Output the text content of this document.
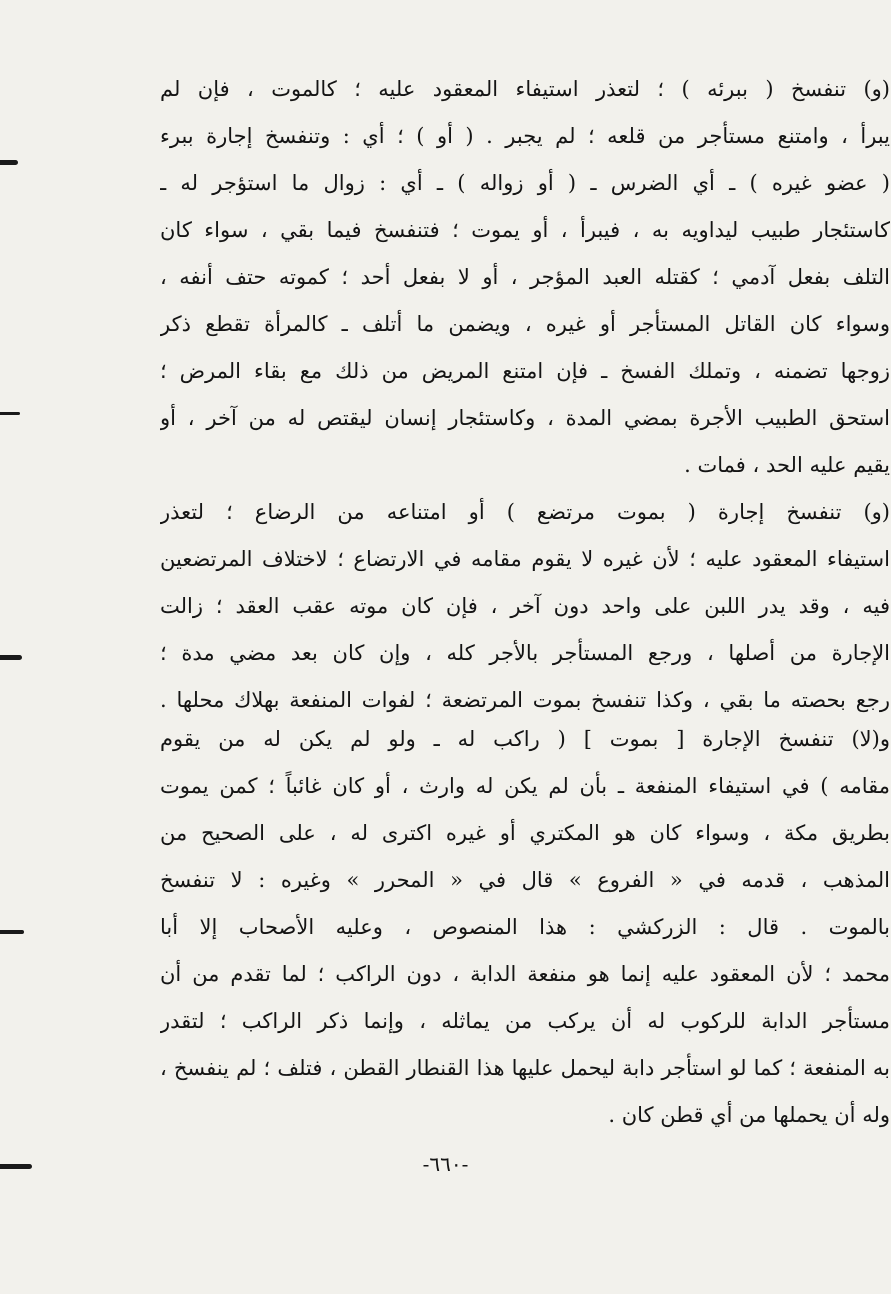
(و) تنفسخ ( ببرئه ) ؛ لتعذر استيفاء المعقود عليه ؛ كالموت ، فإن لم
يبرأ ، وامتنع مستأجر من قلعه ؛ لم يجبر . ( أو ) ؛ أي : وتنفسخ إجارة ببرء
( عضو غيره ) ـ أي الضرس ـ ( أو زواله ) ـ أي : زوال ما استؤجر له ـ
كاستئجار طبيب ليداويه به ، فيبرأ ، أو يموت ؛ فتنفسخ فيما بقي ، سواء كان
التلف بفعل آدمي ؛ كقتله العبد المؤجر ، أو لا بفعل أحد ؛ كموته حتف أنفه ،
وسواء كان القاتل المستأجر أو غيره ، ويضمن ما أتلف ـ كالمرأة تقطع ذكر
زوجها تضمنه ، وتملك الفسخ ـ فإن امتنع المريض من ذلك مع بقاء المرض ؛
استحق الطبيب الأجرة بمضي المدة ، وكاستئجار إنسان ليقتص له من آخر ، أو
يقيم عليه الحد ، فمات .
(و) تنفسخ إجارة ( بموت مرتضع ) أو امتناعه من الرضاع ؛ لتعذر
استيفاء المعقود عليه ؛ لأن غيره لا يقوم مقامه في الارتضاع ؛ لاختلاف المرتضعين
فيه ، وقد يدر اللبن على واحد دون آخر ، فإن كان موته عقب العقد ؛ زالت
الإجارة من أصلها ، ورجع المستأجر بالأجر كله ، وإن كان بعد مضي مدة ؛
رجع بحصته ما بقي ، وكذا تنفسخ بموت المرتضعة ؛ لفوات المنفعة بهلاك محلها .
و(لا) تنفسخ الإجارة [ بموت ] ( راكب له ـ ولو لم يكن له من يقوم
مقامه ) في استيفاء المنفعة ـ بأن لم يكن له وارث ، أو كان غائباً ؛ كمن يموت
بطريق مكة ، وسواء كان هو المكتري أو غيره اكترى له ، على الصحيح من
المذهب ، قدمه في « الفروع » قال في « المحرر » وغيره : لا تنفسخ
بالموت . قال : الزركشي : هذا المنصوص ، وعليه الأصحاب إلا أبا
محمد ؛ لأن المعقود عليه إنما هو منفعة الدابة ، دون الراكب ؛ لما تقدم من أن
مستأجر الدابة للركوب له أن يركب من يماثله ، وإنما ذكر الراكب ؛ لتقدر
به المنفعة ؛ كما لو استأجر دابة ليحمل عليها هذا القنطار القطن ، فتلف ؛ لم ينفسخ ،
وله أن يحملها من أي قطن كان .
-٦٦٠-
